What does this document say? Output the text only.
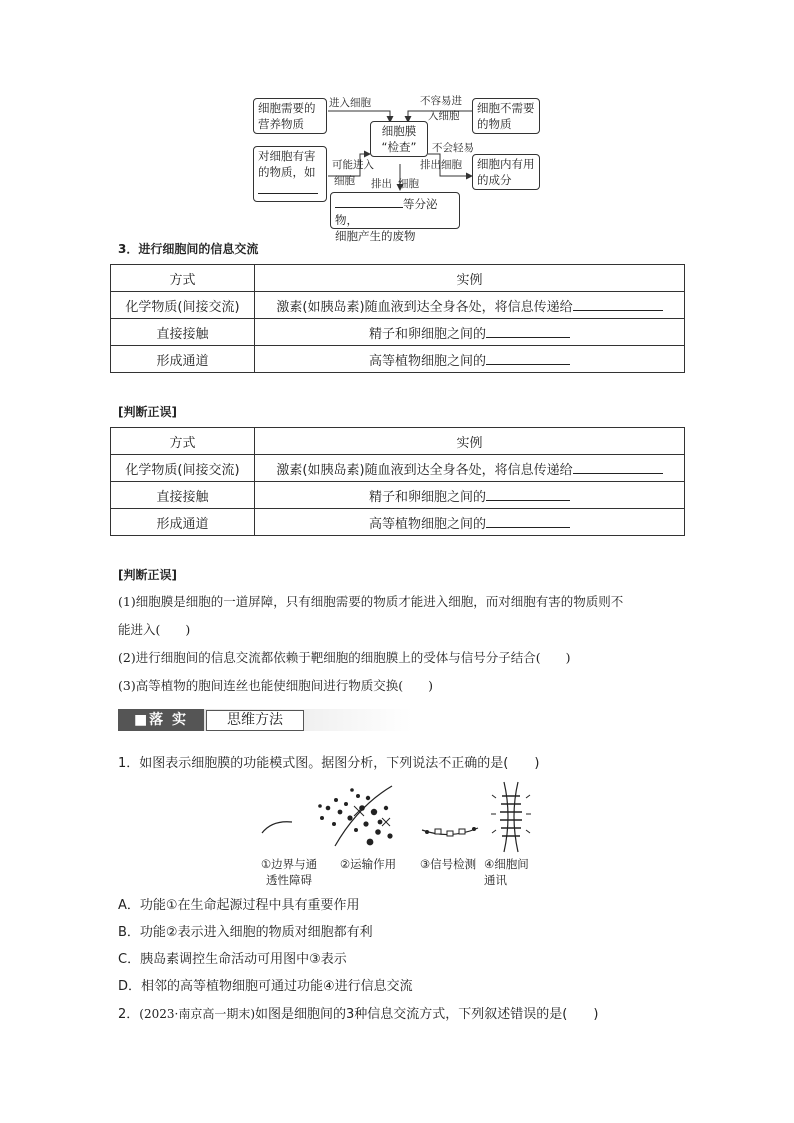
细胞需要的
营养物质
对细胞有害
的物质，如

细胞膜
“检查”
细胞不需要
的物质
细胞内有用
的成分
等分泌物，
细胞产生的废物
进入细胞	不容易进
入细胞
可能进入
细胞
不会轻易
排出细胞
排出 细胞
3．进行细胞间的信息交流
方式	实例
化学物质(间接交流)	激素(如胰岛素)随血液到达全身各处，将信息传递给
直接接触	精子和卵细胞之间的
形成通道	高等植物细胞之间的
[判断正误]
方式	实例
化学物质(间接交流)	激素(如胰岛素)随血液到达全身各处，将信息传递给
直接接触	精子和卵细胞之间的
形成通道	高等植物细胞之间的
[判断正误]
(1)细胞膜是细胞的一道屏障，只有细胞需要的物质才能进入细胞，而对细胞有害的物质则不
能进入(　　)
(2)进行细胞间的信息交流都依赖于靶细胞的细胞膜上的受体与信号分子结合(　　)
(3)高等植物的胞间连丝也能使细胞间进行物质交换(　　)
■落 实	思维方法
1．如图表示细胞膜的功能模式图。据图分析，下列说法不正确的是(　　)
①边界与通
透性障碍
②运输作用	③信号检测 ④细胞间
通讯
A．功能①在生命起源过程中具有重要作用
B．功能②表示进入细胞的物质对细胞都有利
C．胰岛素调控生命活动可用图中③表示
D．相邻的高等植物细胞可通过功能④进行信息交流
2．(2023·南京高一期末)如图是细胞间的3种信息交流方式，下列叙述错误的是(　　)
